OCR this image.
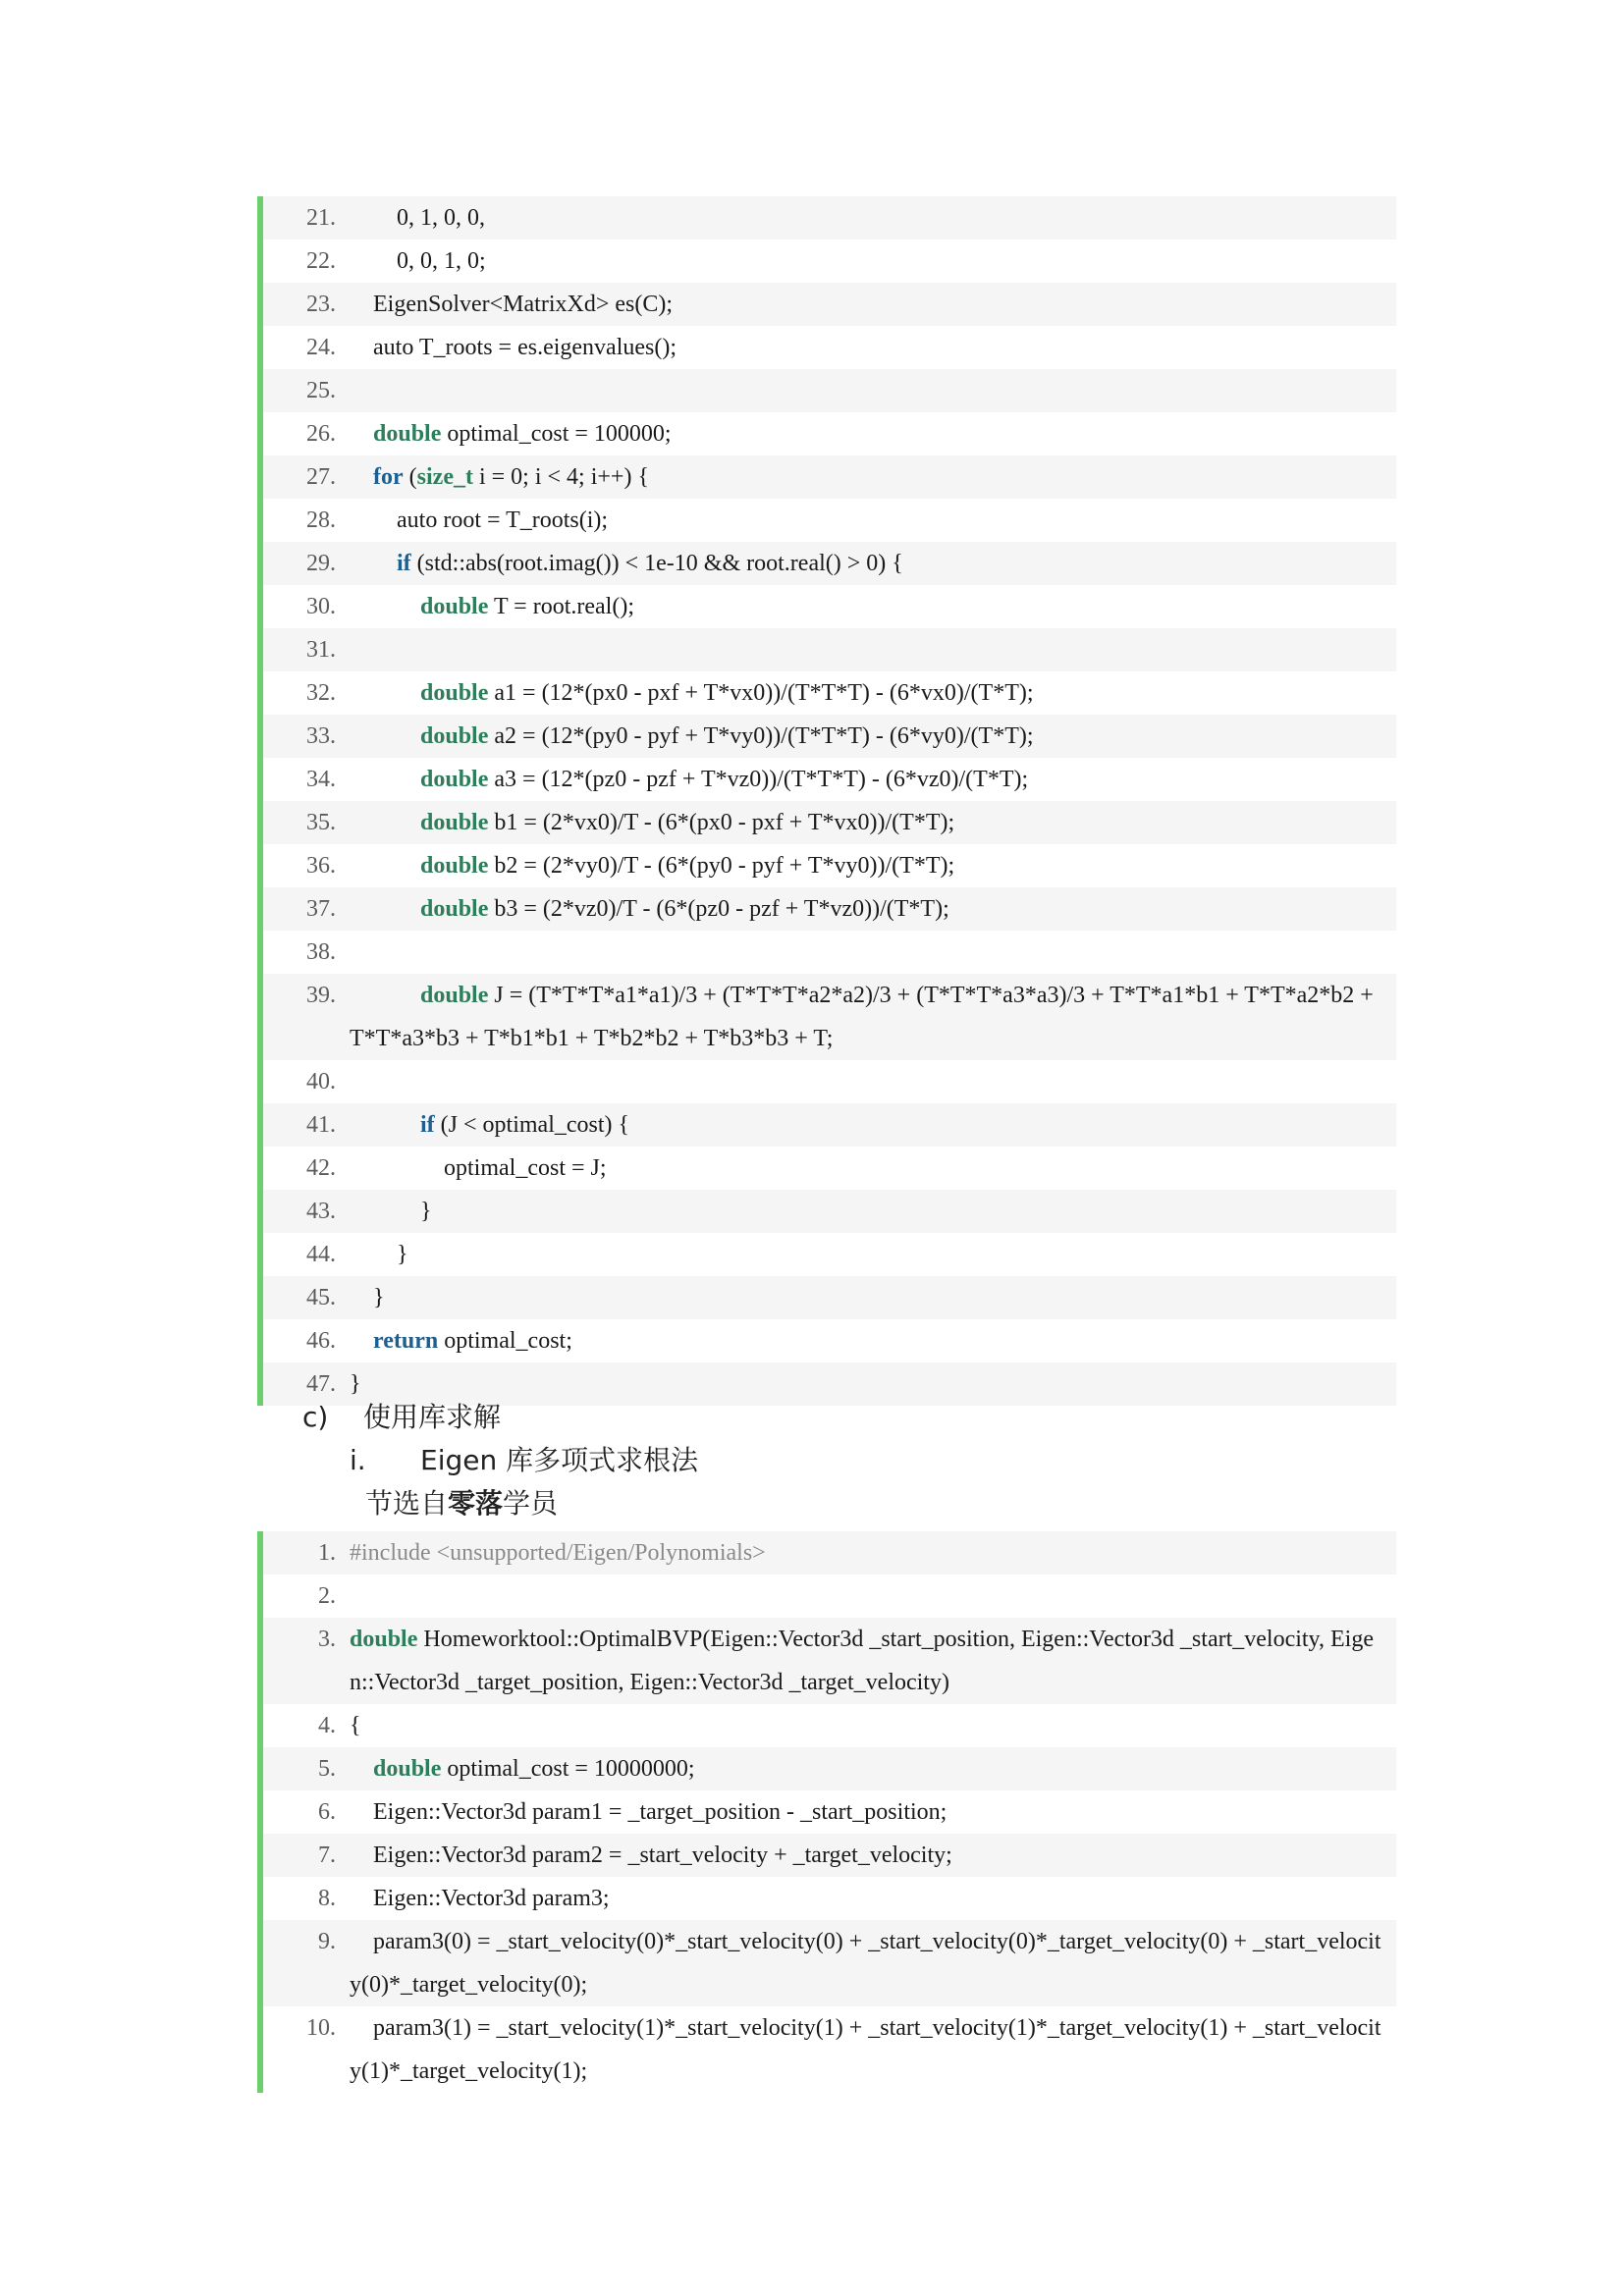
21. 0, 1, 0, 0,
22. 0, 0, 1, 0;
23. EigenSolver<MatrixXd> es(C);
24. auto T_roots = es.eigenvalues();
25.
26.	double optimal_cost = 100000;
27.	for (size_t i = 0; i < 4; i++) {
28. auto root = T_roots(i);
29.	if (std::abs(root.imag()) < 1e-10 && root.real() > 0) {
30.	double T = root.real();
31.
32.	double a1 = (12*(px0 - pxf + T*vx0))/(T*T*T) - (6*vx0)/(T*T);
33.	double a2 = (12*(py0 - pyf + T*vy0))/(T*T*T) - (6*vy0)/(T*T);
34.	double a3 = (12*(pz0 - pzf + T*vz0))/(T*T*T) - (6*vz0)/(T*T);
35.	double b1 = (2*vx0)/T - (6*(px0 - pxf + T*vx0))/(T*T);
36.	double b2 = (2*vy0)/T - (6*(py0 - pyf + T*vy0))/(T*T);
37.	double b3 = (2*vz0)/T - (6*(pz0 - pzf + T*vz0))/(T*T);
38.
39.	double J = (T*T*T*a1*a1)/3 + (T*T*T*a2*a2)/3 + (T*T*T*a3*a3)/3 + T*T*a1*b1 + T*T*a2*b2 + T*T*a3*b3 + T*b1*b1 + T*b2*b2 + T*b3*b3 + T;
40.
41.	if (J < optimal_cost) {
42. optimal_cost = J;
43. }
44. }
45. }
46.	return optimal_cost;
47. }
c) 使用库求解
i. Eigen 库多项式求根法
节选自零落学员
1. #include <unsupported/Eigen/Polynomials>
2.
3. double Homeworktool::OptimalBVP(Eigen::Vector3d _start_position, Eigen::Vector3d _start_velocity, Eigen::Vector3d _target_position, Eigen::Vector3d _target_velocity)
4. {
5.	double optimal_cost = 10000000;
6. Eigen::Vector3d param1 = _target_position - _start_position;
7. Eigen::Vector3d param2 = _start_velocity + _target_velocity;
8. Eigen::Vector3d param3;
9. param3(0) = _start_velocity(0)*_start_velocity(0) + _start_velocity(0)*_target_velocity(0) + _start_velocity(0)*_target_velocity(0);
10. param3(1) = _start_velocity(1)*_start_velocity(1) + _start_velocity(1)*_target_velocity(1) + _start_velocity(1)*_target_velocity(1);
